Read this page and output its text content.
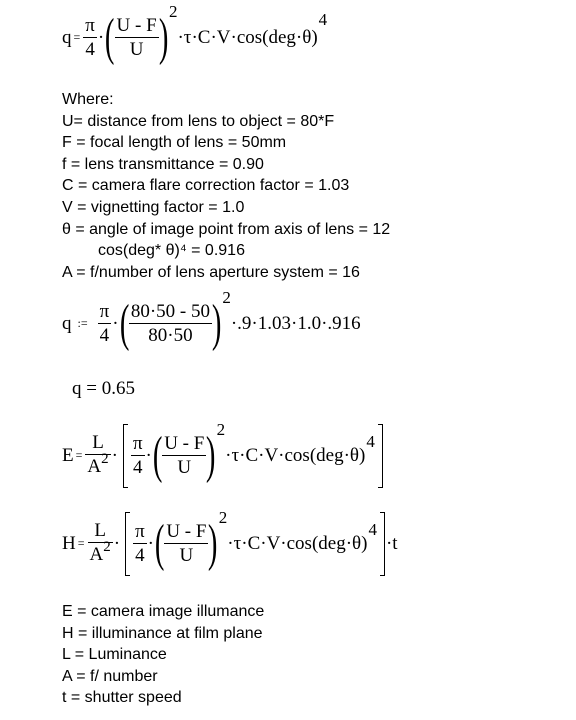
$q = \frac{\pi}{4}$ · ( $\frac{U - F}{U}$ ) 2
·τ·C·V·cos(deg·θ)
4
Where:
U= distance from lens to object = 80*F
F = focal length of lens = 50mm
f = lens transmittance = 0.90
C = camera flare correction factor = 1.03
V = vignetting factor = 1.0
θ = angle of image point from axis of lens = 12
cos(deg* θ)⁴ = 0.916
A = f/number of lens aperture system = 16
q := $\frac{\pi}{4}$ · ( $\frac{80\cdot 50 - 50}{80\cdot 50}$ ) 2
·.9·1.03·1.0·.916
q = 0.65
$E = \frac{L}{A^2} \cdot \frac{\pi}{4}$ · ( $\frac{U - F}{U}$ ) 2
·τ·C·V·cos(deg·θ)
4
$H = \frac{L}{A^2} \cdot \frac{\pi}{4}$ · ( $\frac{U - F}{U}$ ) 2
·τ·C·V·cos(deg·θ)
4
·t
E = camera image illumance
H = illuminance at film plane
L = Luminance
A = f/ number
t = shutter speed
